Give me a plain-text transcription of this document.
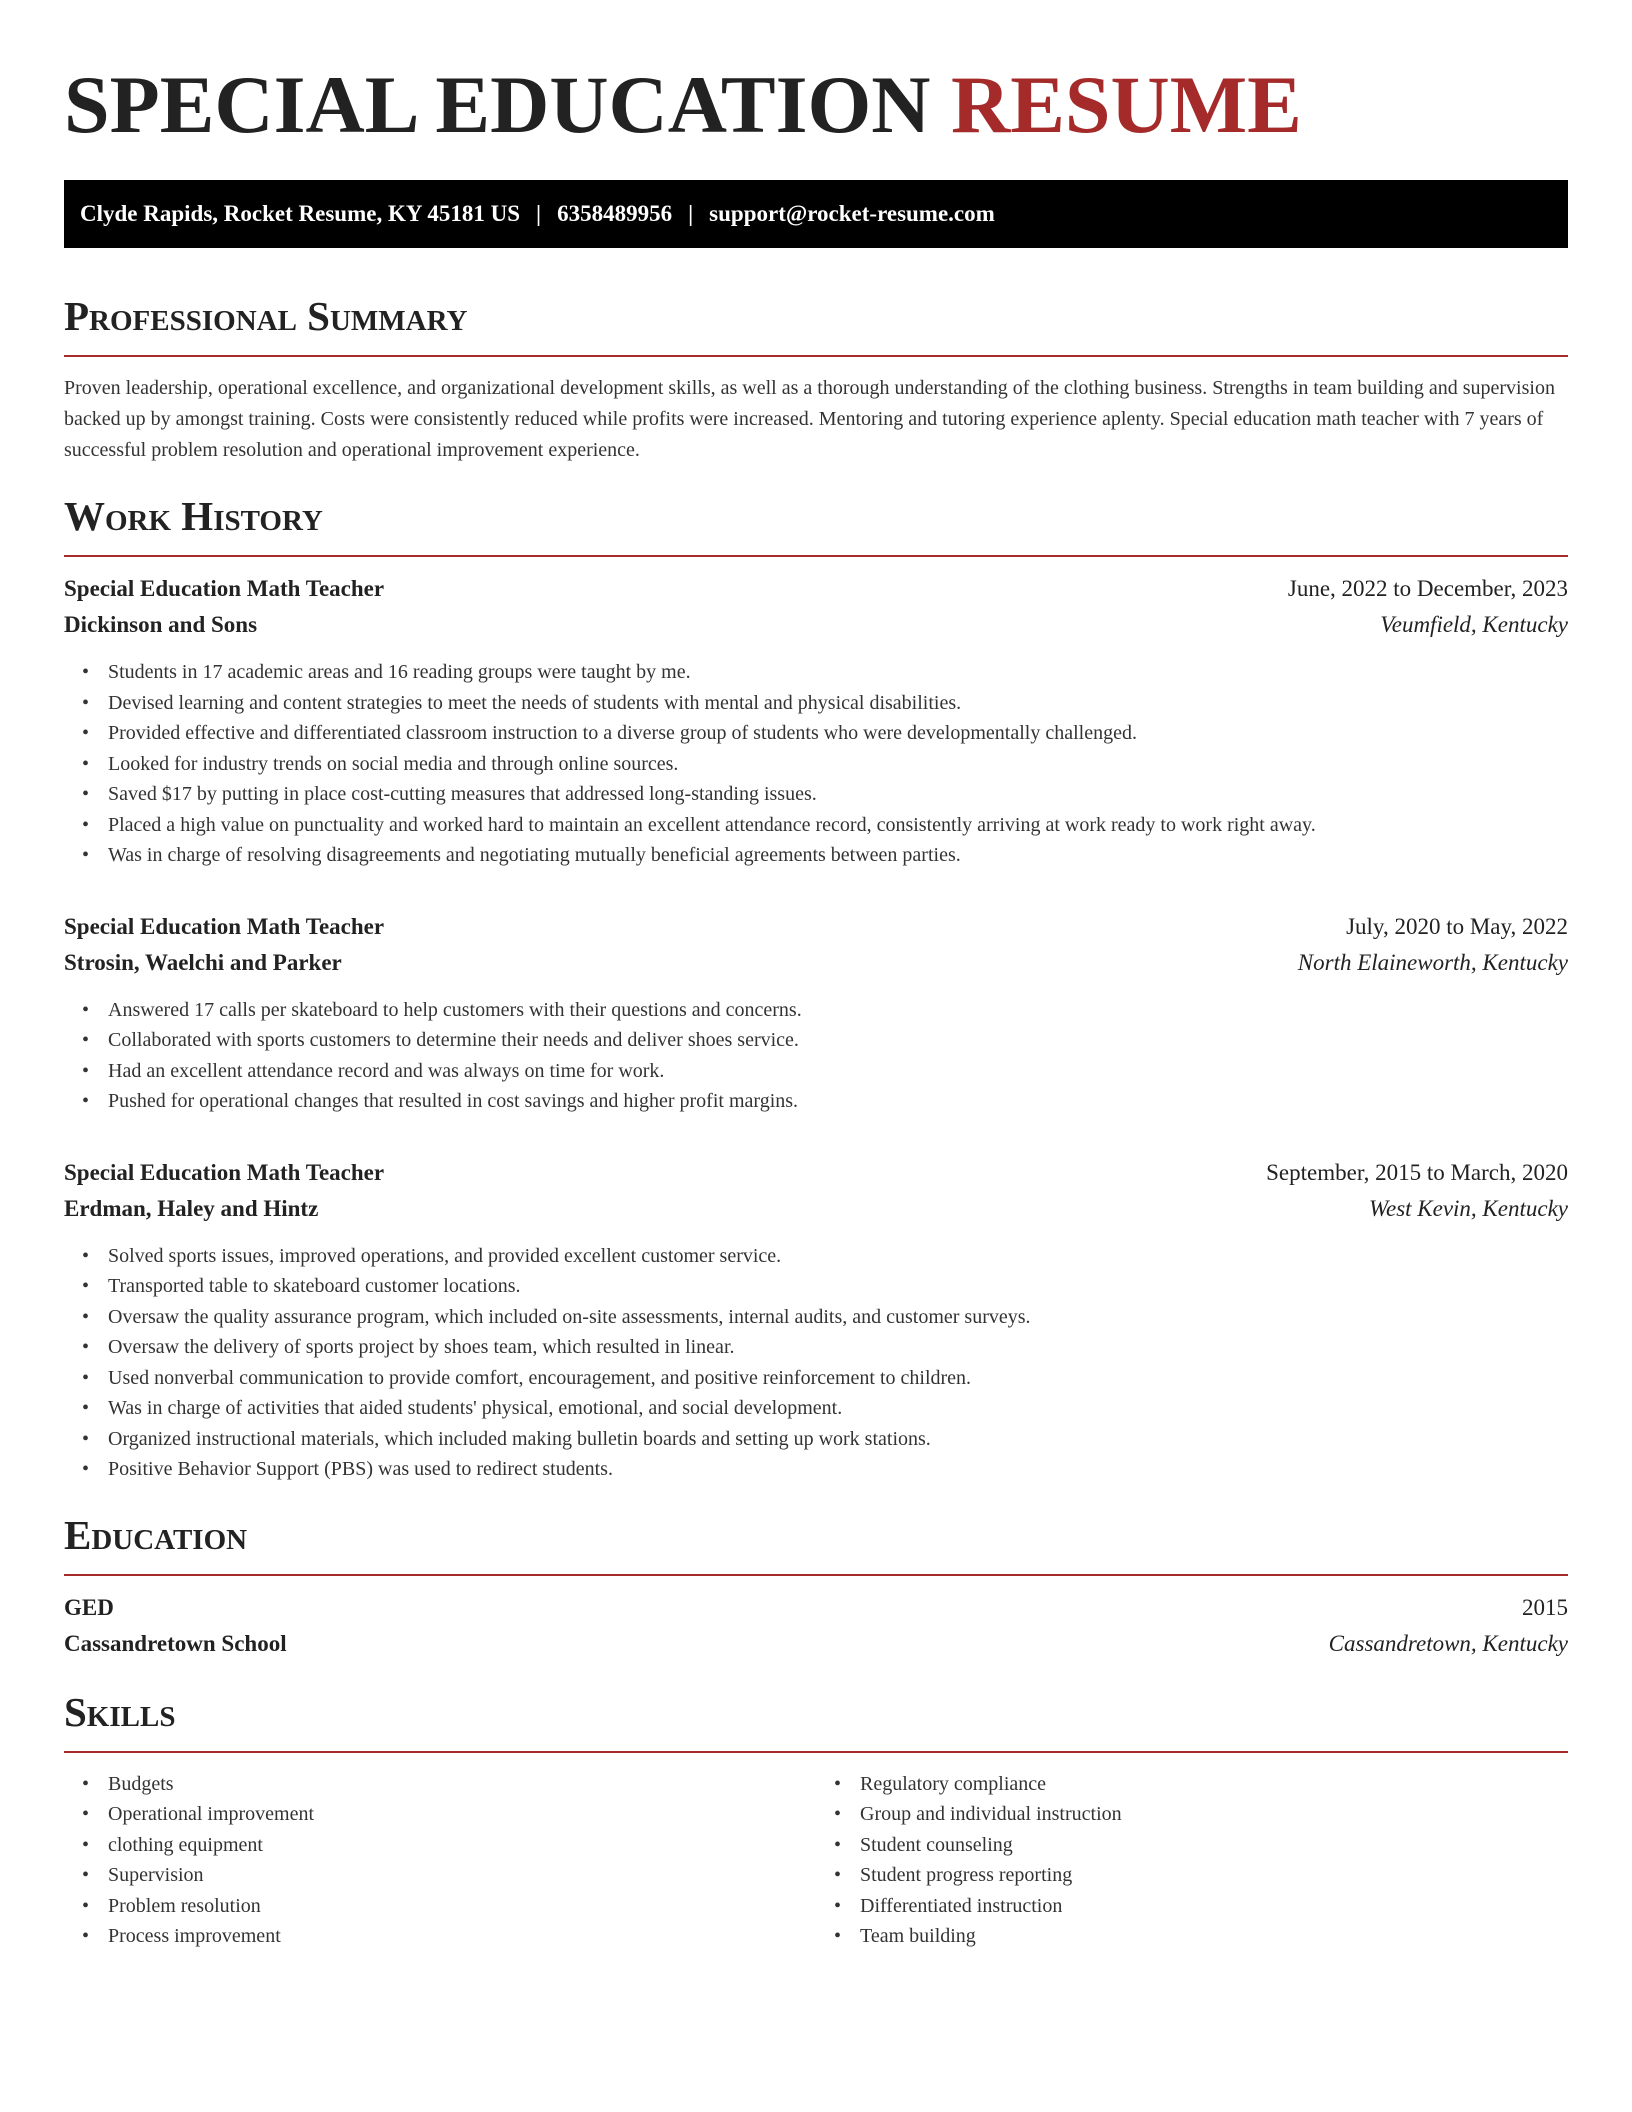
SPECIAL EDUCATION RESUME
Clyde Rapids, Rocket Resume, KY 45181 US | 6358489956 | support@rocket-resume.com
Professional Summary
Proven leadership, operational excellence, and organizational development skills, as well as a thorough understanding of the clothing business. Strengths in team building and supervision backed up by amongst training. Costs were consistently reduced while profits were increased. Mentoring and tutoring experience aplenty. Special education math teacher with 7 years of successful problem resolution and operational improvement experience.
Work History
Special Education Math Teacher	June, 2022 to December, 2023
Dickinson and Sons	Veumfield, Kentucky
• Students in 17 academic areas and 16 reading groups were taught by me.
• Devised learning and content strategies to meet the needs of students with mental and physical disabilities.
• Provided effective and differentiated classroom instruction to a diverse group of students who were developmentally challenged.
• Looked for industry trends on social media and through online sources.
• Saved $17 by putting in place cost-cutting measures that addressed long-standing issues.
• Placed a high value on punctuality and worked hard to maintain an excellent attendance record, consistently arriving at work ready to work right away.
• Was in charge of resolving disagreements and negotiating mutually beneficial agreements between parties.
Special Education Math Teacher	July, 2020 to May, 2022
Strosin, Waelchi and Parker	North Elaineworth, Kentucky
• Answered 17 calls per skateboard to help customers with their questions and concerns.
• Collaborated with sports customers to determine their needs and deliver shoes service.
• Had an excellent attendance record and was always on time for work.
• Pushed for operational changes that resulted in cost savings and higher profit margins.
Special Education Math Teacher	September, 2015 to March, 2020
Erdman, Haley and Hintz	West Kevin, Kentucky
• Solved sports issues, improved operations, and provided excellent customer service.
• Transported table to skateboard customer locations.
• Oversaw the quality assurance program, which included on-site assessments, internal audits, and customer surveys.
• Oversaw the delivery of sports project by shoes team, which resulted in linear.
• Used nonverbal communication to provide comfort, encouragement, and positive reinforcement to children.
• Was in charge of activities that aided students' physical, emotional, and social development.
• Organized instructional materials, which included making bulletin boards and setting up work stations.
• Positive Behavior Support (PBS) was used to redirect students.
Education
GED	2015
Cassandretown School	Cassandretown, Kentucky
Skills
• Budgets
• Operational improvement
• clothing equipment
• Supervision
• Problem resolution
• Process improvement
• Regulatory compliance
• Group and individual instruction
• Student counseling
• Student progress reporting
• Differentiated instruction
• Team building
